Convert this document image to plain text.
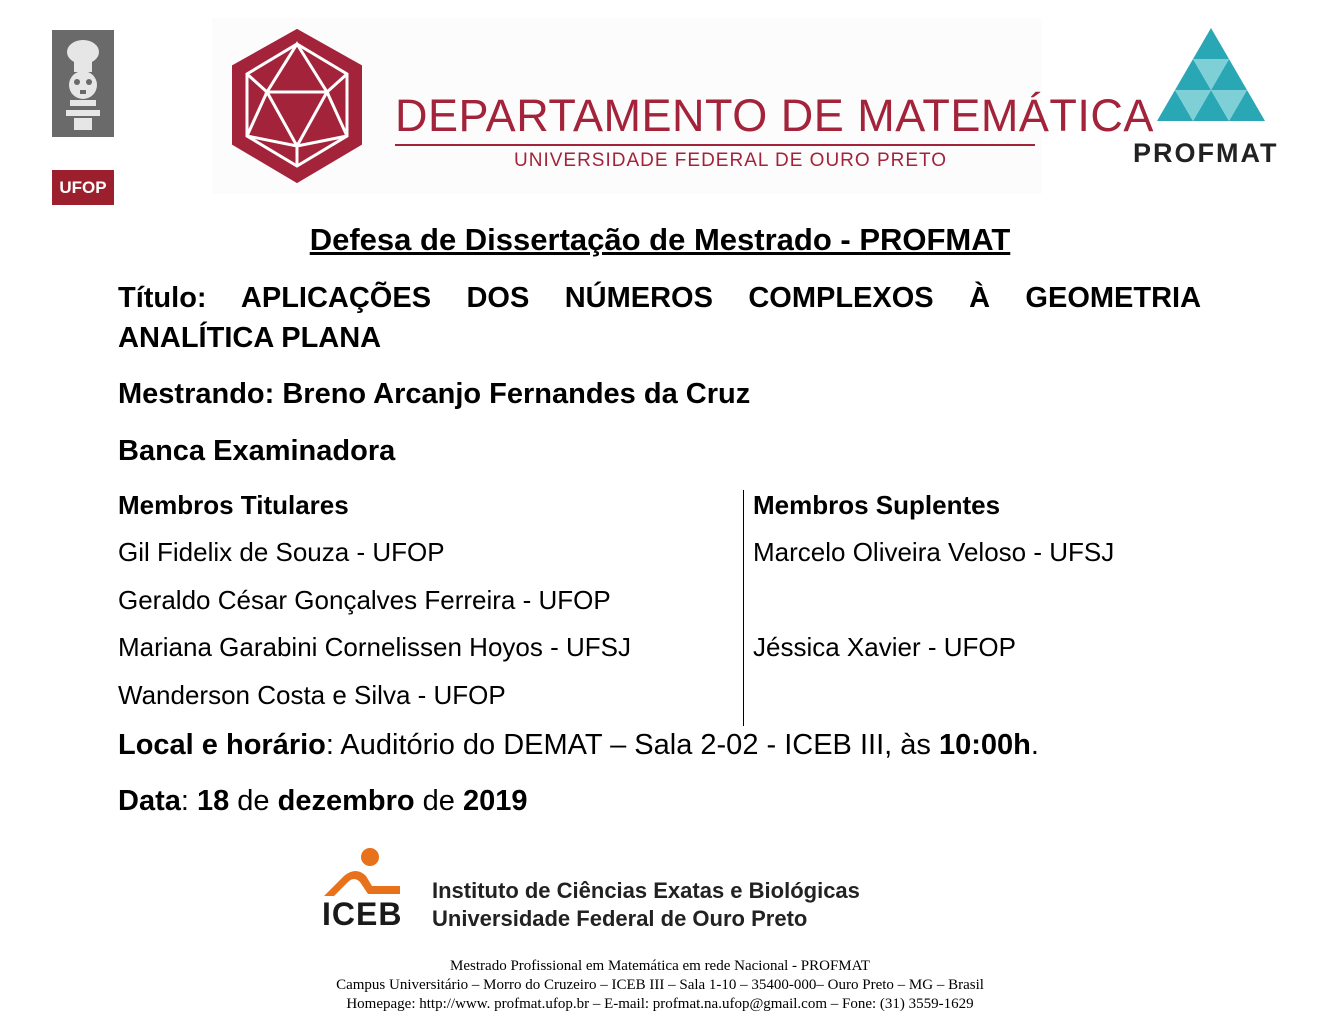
UFOP
DEPARTAMENTO DE MATEMÁTICA
UNIVERSIDADE FEDERAL DE OURO PRETO	PROFMAT
Defesa de Dissertação de Mestrado - PROFMAT
Título: APLICAÇÕES DOS NÚMEROS COMPLEXOS À GEOMETRIA
ANALÍTICA PLANA
Mestrando: Breno Arcanjo Fernandes da Cruz
Banca Examinadora
Membros Titulares	Membros Suplentes
Gil Fidelix de Souza - UFOP
Geraldo César Gonçalves Ferreira - UFOP
Mariana Garabini Cornelissen Hoyos - UFSJ
Wanderson Costa e Silva - UFOP
Marcelo Oliveira Veloso - UFSJ
Jéssica Xavier - UFOP
Local e horário: Auditório do DEMAT – Sala 2-02 - ICEB III, às 10:00h.
Data: 18 de dezembro de 2019
ICEB
Instituto de Ciências Exatas e Biológicas
Universidade Federal de Ouro Preto
Mestrado Profissional em Matemática em rede Nacional - PROFMAT
Campus Universitário – Morro do Cruzeiro – ICEB III – Sala 1-10 – 35400-000– Ouro Preto – MG – Brasil
Homepage: http://www. profmat.ufop.br – E-mail: profmat.na.ufop@gmail.com – Fone: (31) 3559-1629
